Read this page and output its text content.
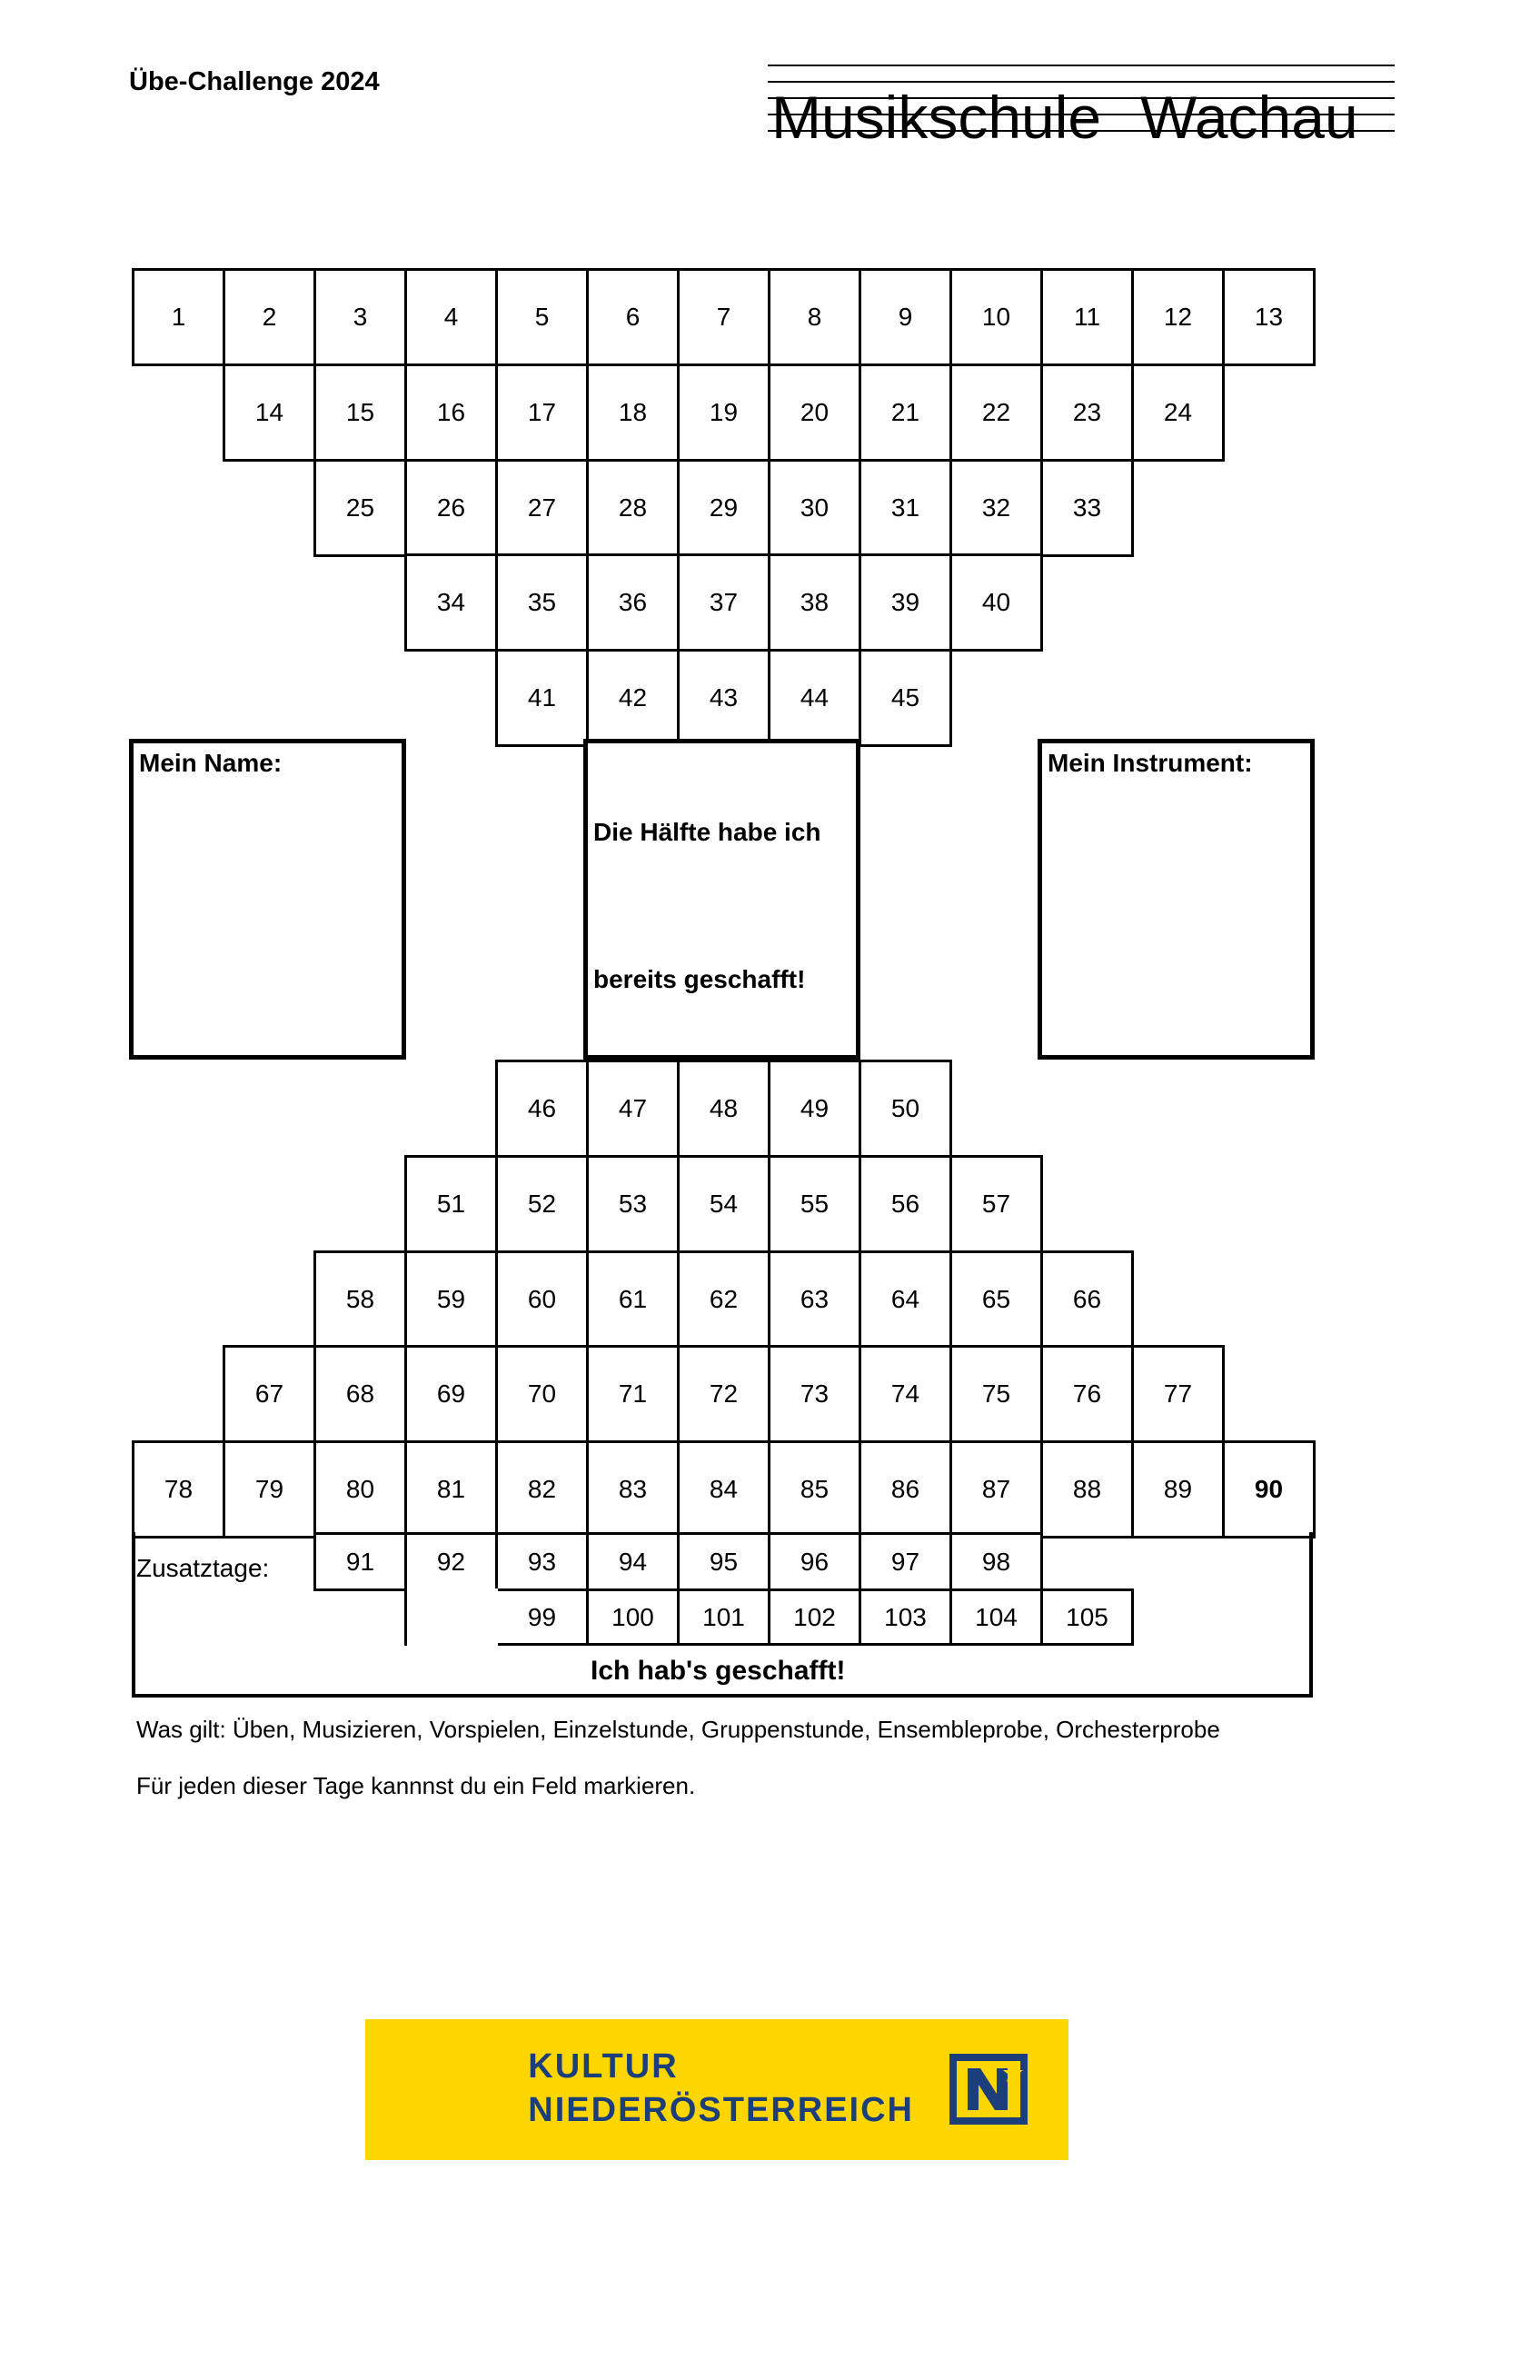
Übe-Challenge 2024
Musikschule Wachau
1	2	3	4	5	6	7	8	9	10	11	12	13
14	15	16	17	18	19	20	21	22	23	24
25	26	27	28	29	30	31	32	33
34	35	36	37	38	39	40
41	42	43	44	45
46	47	48	49	50
51	52	53	54	55	56	57
58	59	60	61	62	63	64	65	66
67	68	69	70	71	72	73	74	75	76	77
78	79	80	81	82	83	84	85	86	87	88	89	90
91	92	93	94	95	96	97	98
99	100	101	102	103	104	105
Mein Name:
Die Hälfte habe ich
bereits geschafft!
Mein Instrument:
Zusatztage:
Ich hab's geschafft!
Was gilt: Üben, Musizieren, Vorspielen, Einzelstunde, Gruppenstunde, Ensembleprobe, Orchesterprobe
Für jeden dieser Tage kannnst du ein Feld markieren.
KULTUR
NIEDERÖSTERREICH
